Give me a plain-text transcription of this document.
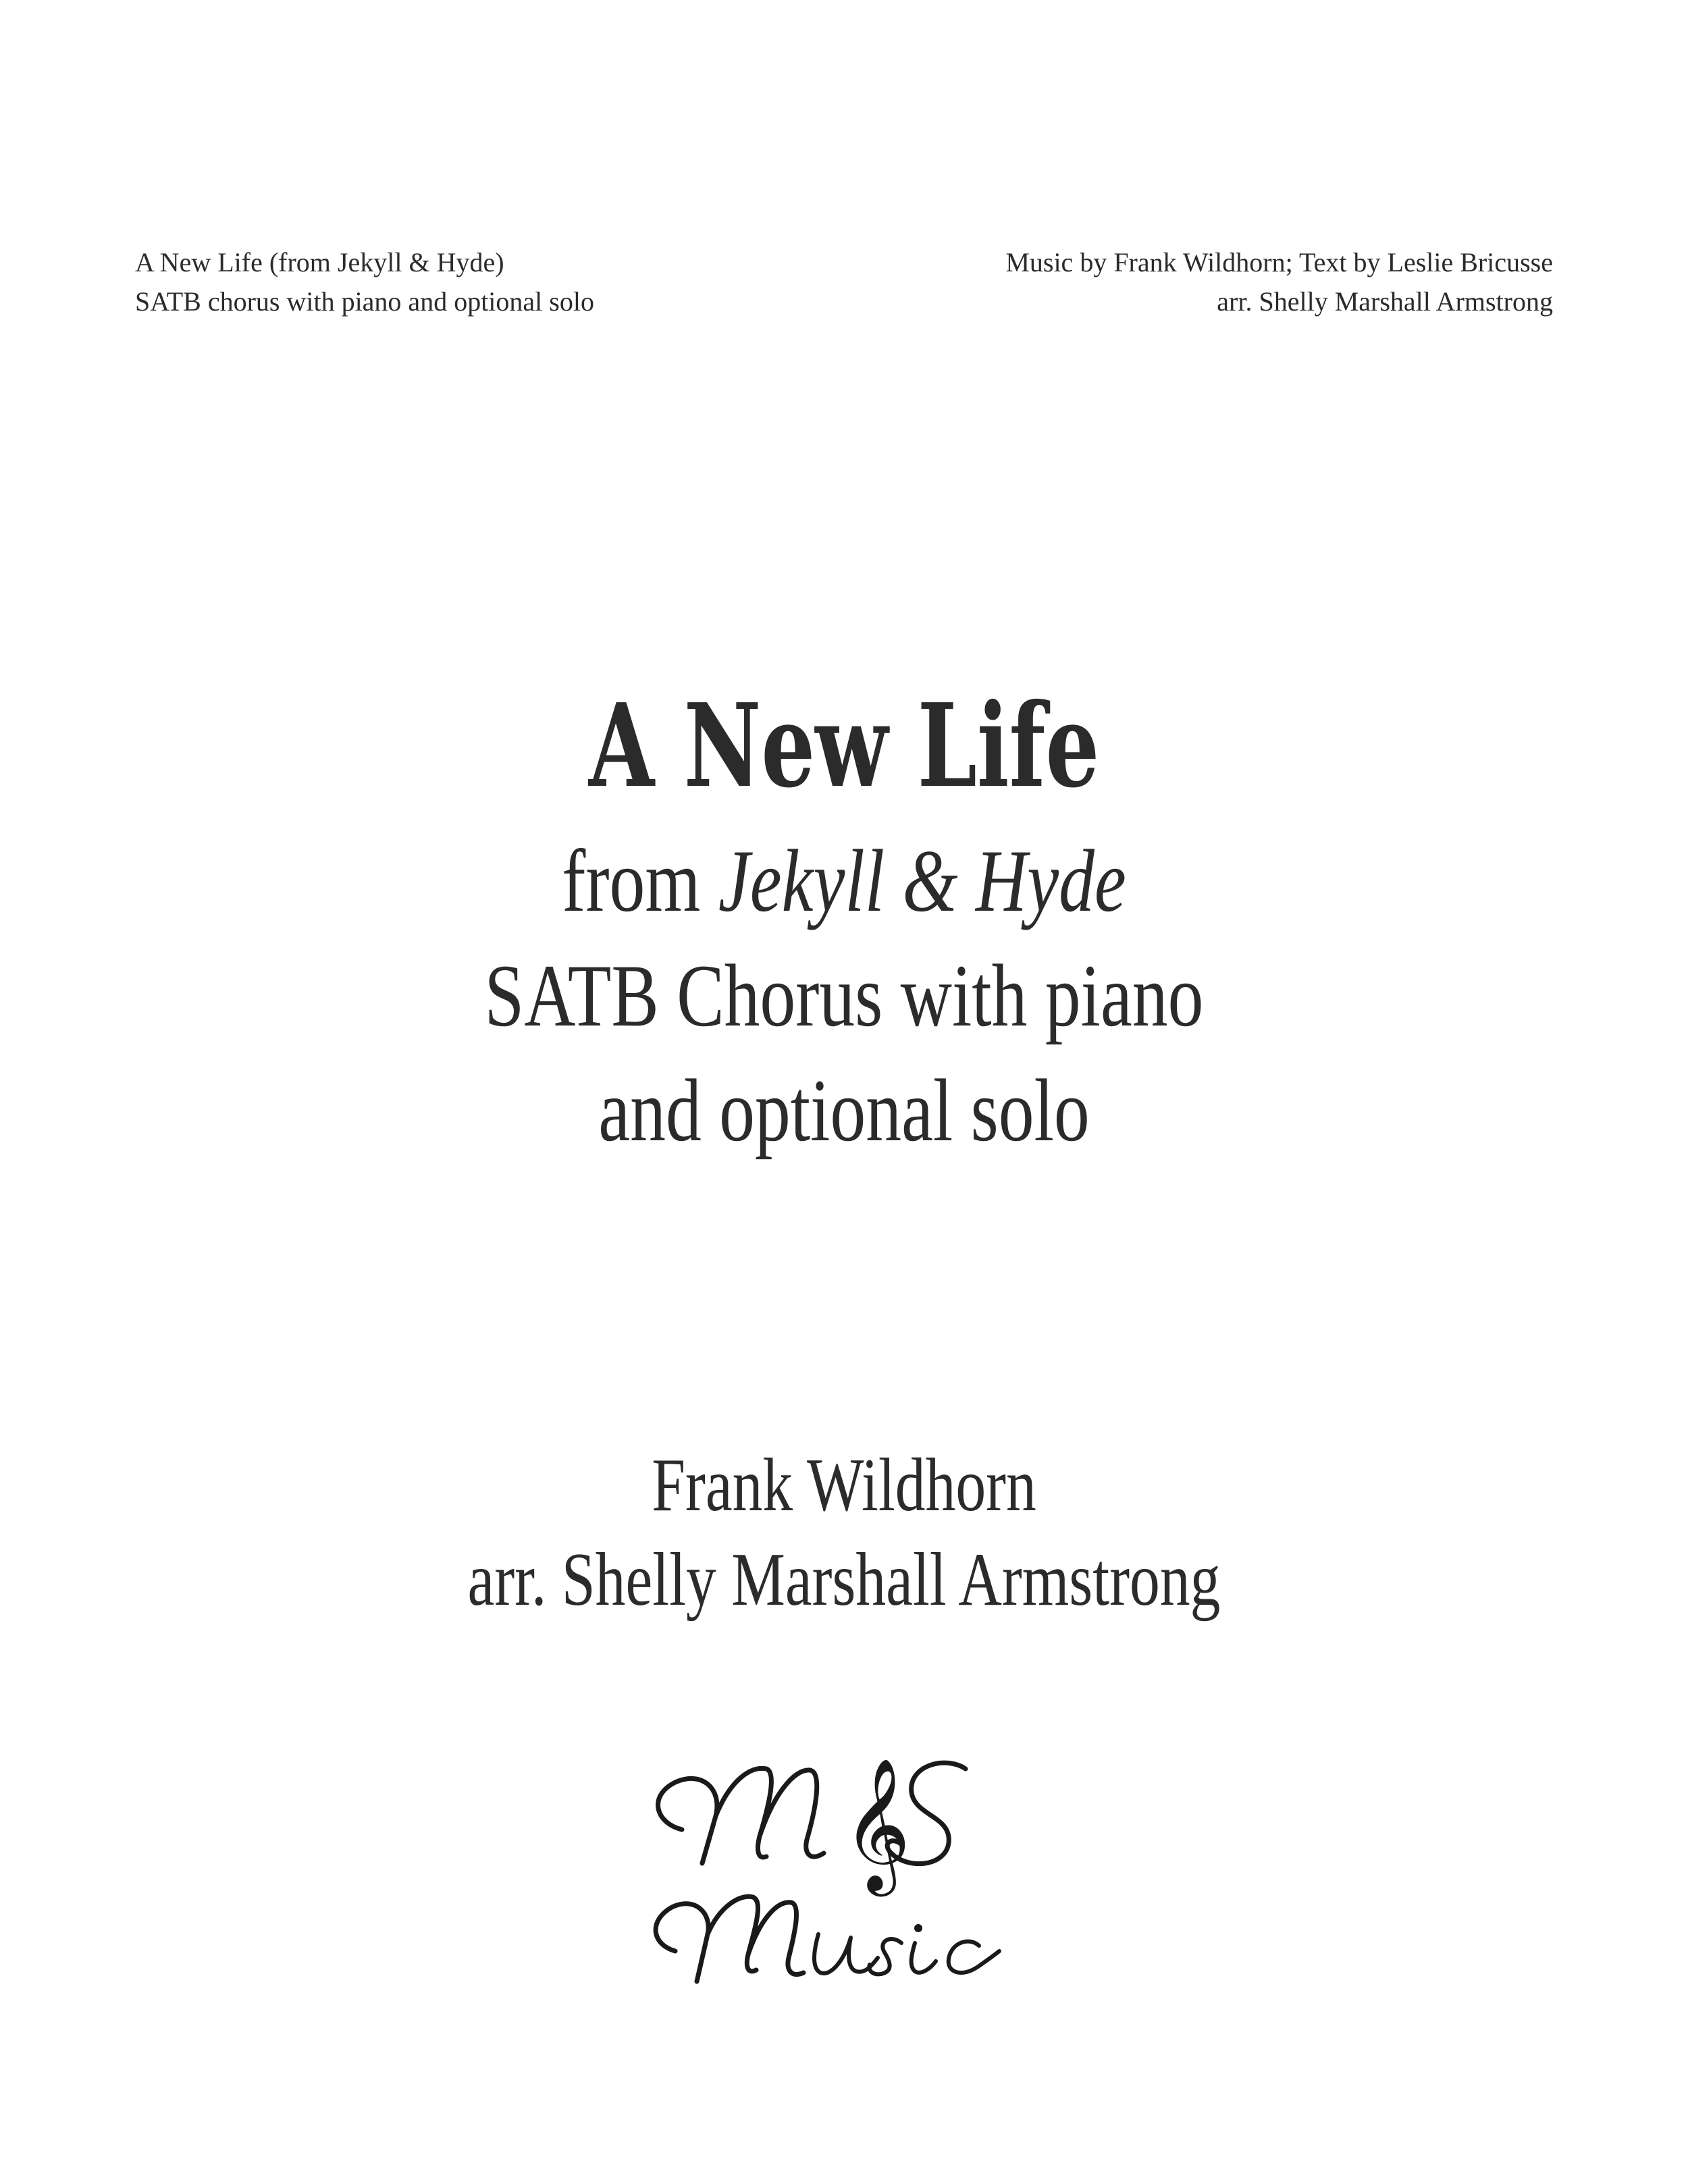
A New Life (from Jekyll & Hyde)
SATB chorus with piano and optional solo
Music by Frank Wildhorn; Text by Leslie Bricusse
arr. Shelly Marshall Armstrong
A New Life
from Jekyll & Hyde
SATB Chorus with piano
and optional solo
Frank Wildhorn
arr. Shelly Marshall Armstrong
𝄞
